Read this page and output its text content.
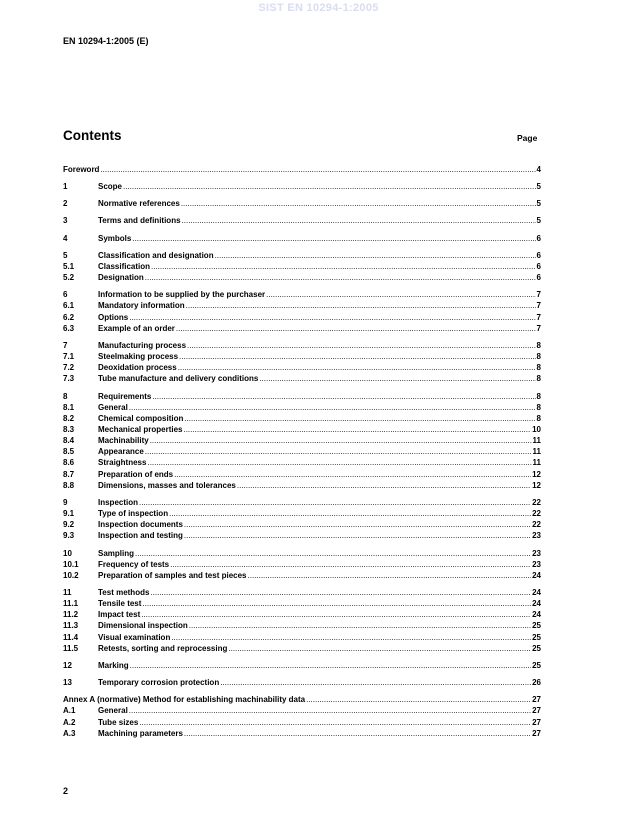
SIST EN 10294-1:2005
EN 10294-1:2005 (E)
Contents	Page
Foreword .....	4
1	Scope .....	5
2	Normative references .....	5
3	Terms and definitions .....	5
4	Symbols .....	6
5	Classification and designation .....	6
5.1	Classification .....	6
5.2	Designation .....	6
6	Information to be supplied by the purchaser .....	7
6.1	Mandatory information .....	7
6.2	Options .....	7
6.3	Example of an order .....	7
7	Manufacturing process .....	8
7.1	Steelmaking process .....	8
7.2	Deoxidation process .....	8
7.3	Tube manufacture and delivery conditions .....	8
8	Requirements .....	8
8.1	General .....	8
8.2	Chemical composition .....	8
8.3	Mechanical properties .....	10
8.4	Machinability .....	11
8.5	Appearance .....	11
8.6	Straightness .....	11
8.7	Preparation of ends .....	12
8.8	Dimensions, masses and tolerances .....	12
9	Inspection .....	22
9.1	Type of inspection .....	22
9.2	Inspection documents .....	22
9.3	Inspection and testing .....	23
10	Sampling .....	23
10.1	Frequency of tests .....	23
10.2	Preparation of samples and test pieces .....	24
11	Test methods .....	24
11.1	Tensile test .....	24
11.2	Impact test .....	24
11.3	Dimensional inspection .....	25
11.4	Visual examination .....	25
11.5	Retests, sorting and reprocessing .....	25
12	Marking .....	25
13	Temporary corrosion protection .....	26
Annex A (normative) Method for establishing machinability data .....	27
A.1	General .....	27
A.2	Tube sizes .....	27
A.3	Machining parameters .....	27
2
